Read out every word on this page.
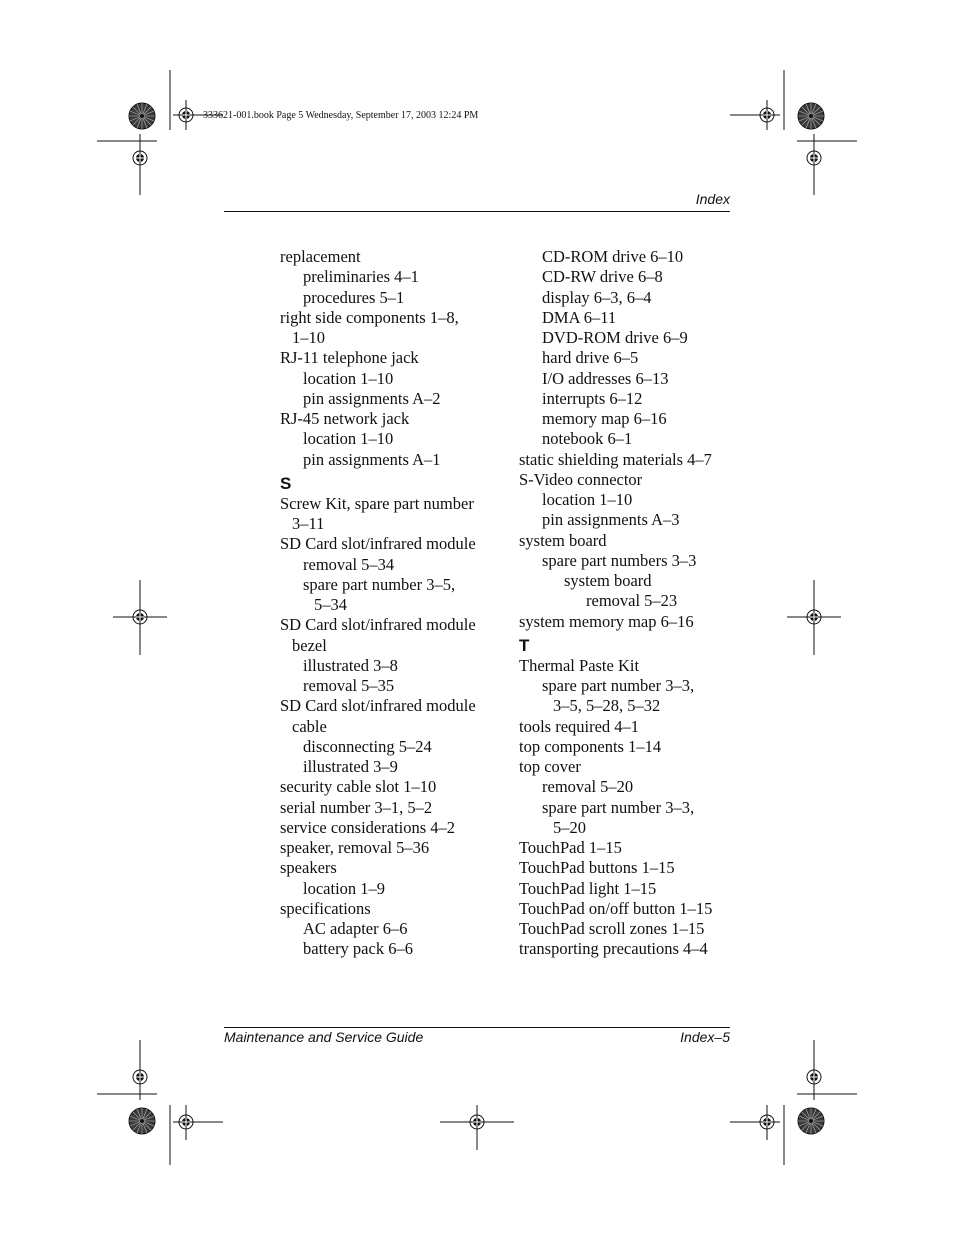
333621-001.book Page 5 Wednesday, September 17, 2003 12:24 PM
Index
replacement
preliminaries 4–1
procedures 5–1
right side components 1–8,
1–10
RJ-11 telephone jack
location 1–10
pin assignments A–2
RJ-45 network jack
location 1–10
pin assignments A–1
S
Screw Kit, spare part number
3–11
SD Card slot/infrared module
removal 5–34
spare part number 3–5,
5–34
SD Card slot/infrared module
bezel
illustrated 3–8
removal 5–35
SD Card slot/infrared module
cable
disconnecting 5–24
illustrated 3–9
security cable slot 1–10
serial number 3–1, 5–2
service considerations 4–2
speaker, removal 5–36
speakers
location 1–9
specifications
AC adapter 6–6
battery pack 6–6
CD-ROM drive 6–10
CD-RW drive 6–8
display 6–3, 6–4
DMA 6–11
DVD-ROM drive 6–9
hard drive 6–5
I/O addresses 6–13
interrupts 6–12
memory map 6–16
notebook 6–1
static shielding materials 4–7
S-Video connector
location 1–10
pin assignments A–3
system board
spare part numbers 3–3
system board
removal 5–23
system memory map 6–16
T
Thermal Paste Kit
spare part number 3–3,
3–5, 5–28, 5–32
tools required 4–1
top components 1–14
top cover
removal 5–20
spare part number 3–3,
5–20
TouchPad 1–15
TouchPad buttons 1–15
TouchPad light 1–15
TouchPad on/off button 1–15
TouchPad scroll zones 1–15
transporting precautions 4–4
Maintenance and Service Guide	Index–5
